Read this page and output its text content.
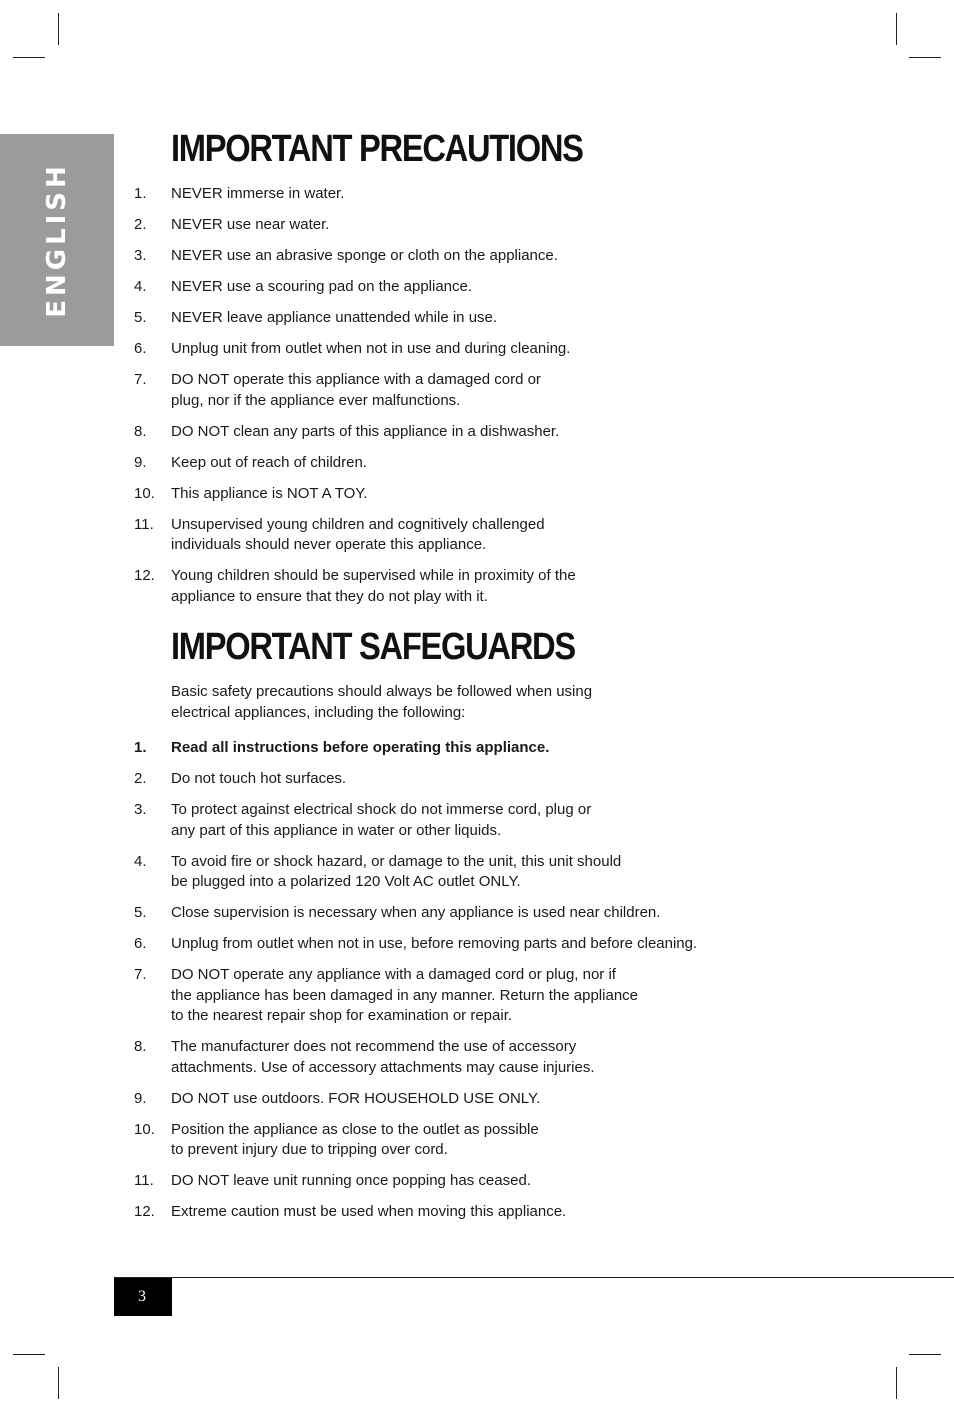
ENGLISH
IMPORTANT PRECAUTIONS
1. NEVER immerse in water.
2. NEVER use near water.
3. NEVER use an abrasive sponge or cloth on the appliance.
4. NEVER use a scouring pad on the appliance.
5. NEVER leave appliance unattended while in use.
6. Unplug unit from outlet when not in use and during cleaning.
7. DO NOT operate this appliance with a damaged cord or
plug, nor if the appliance ever malfunctions.
8. DO NOT clean any parts of this appliance in a dishwasher.
9. Keep out of reach of children.
10. This appliance is NOT A TOY.
11. Unsupervised young children and cognitively challenged
individuals should never operate this appliance.
12. Young children should be supervised while in proximity of the
appliance to ensure that they do not play with it.
IMPORTANT SAFEGUARDS

Basic safety precautions should always be followed when using
electrical appliances, including the following:

1. Read all instructions before operating this appliance.
2. Do not touch hot surfaces.
3. To protect against electrical shock do not immerse cord, plug or
any part of this appliance in water or other liquids.
4. To avoid fire or shock hazard, or damage to the unit, this unit should
be plugged into a polarized 120 Volt AC outlet ONLY.
5. Close supervision is necessary when any appliance is used near children.
6. Unplug from outlet when not in use, before removing parts and before cleaning.
7. DO NOT operate any appliance with a damaged cord or plug, nor if
the appliance has been damaged in any manner. Return the appliance
to the nearest repair shop for examination or repair.
8. The manufacturer does not recommend the use of accessory
attachments. Use of accessory attachments may cause injuries.
9. DO NOT use outdoors. FOR HOUSEHOLD USE ONLY.
10. Position the appliance as close to the outlet as possible
to prevent injury due to tripping over cord.
11. DO NOT leave unit running once popping has ceased.
12. Extreme caution must be used when moving this appliance.
3
